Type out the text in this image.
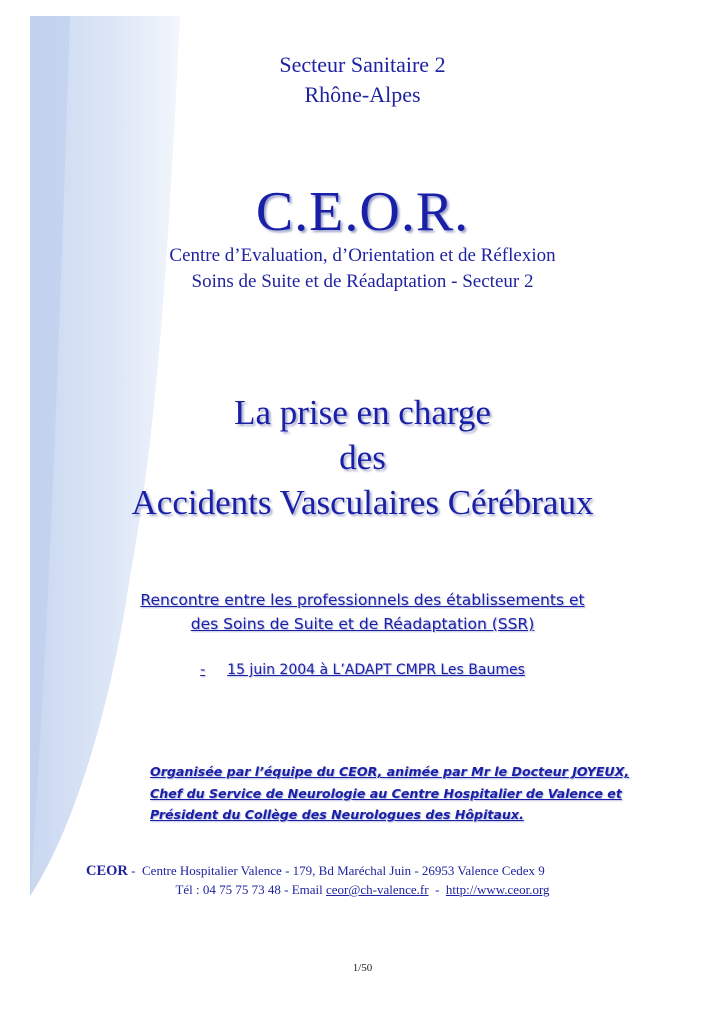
Secteur Sanitaire 2
Rhône-Alpes
C.E.O.R.
Centre d’Evaluation, d’Orientation et de Réflexion
Soins de Suite et de Réadaptation - Secteur 2
La prise en charge
des
Accidents Vasculaires Cérébraux
Rencontre entre les professionnels des établissements et
des Soins de Suite et de Réadaptation (SSR)
- 15 juin 2004 à L’ADAPT CMPR Les Baumes
Organisée par l’équipe du CEOR, animée par Mr le Docteur JOYEUX,
Chef du Service de Neurologie au Centre Hospitalier de Valence et
Président du Collège des Neurologues des Hôpitaux.
CEOR - Centre Hospitalier Valence - 179, Bd Maréchal Juin - 26953 Valence Cedex 9
Tél : 04 75 75 73 48 - Email ceor@ch-valence.fr - http://www.ceor.org
1/50
